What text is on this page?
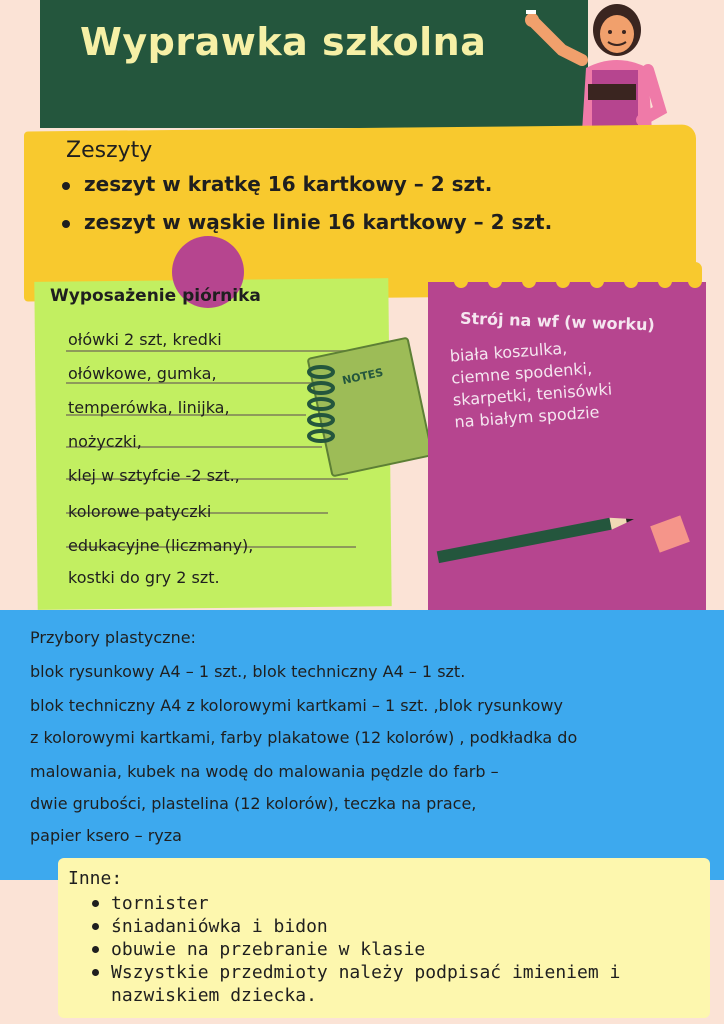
Wyprawka szkolna
Zeszyty
zeszyt w kratkę 16 kartkowy – 2 szt.
zeszyt w wąskie linie 16 kartkowy – 2 szt.
Wyposażenie piórnika
ołówki 2 szt, kredki
ołówkowe, gumka,
temperówka, linijka,
nożyczki,
klej w sztyfcie -2 szt.,
kolorowe patyczki
edukacyjne (liczmany),
kostki do gry 2 szt.
NOTES
Strój na wf (w worku)
biała koszulka,
ciemne spodenki,
skarpetki, tenisówki
na białym spodzie
Przybory plastyczne:
blok rysunkowy A4 – 1 szt., blok techniczny A4 – 1 szt.
blok techniczny A4 z kolorowymi kartkami – 1 szt. ,blok rysunkowy
z kolorowymi kartkami, farby plakatowe (12 kolorów) , podkładka do
malowania, kubek na wodę do malowania pędzle do farb –
dwie grubości, plastelina (12 kolorów), teczka na prace,
papier ksero – ryza
Inne:
tornister
śniadaniówka i bidon
obuwie na przebranie w klasie
Wszystkie przedmioty należy podpisać imieniem i nazwiskiem dziecka.
